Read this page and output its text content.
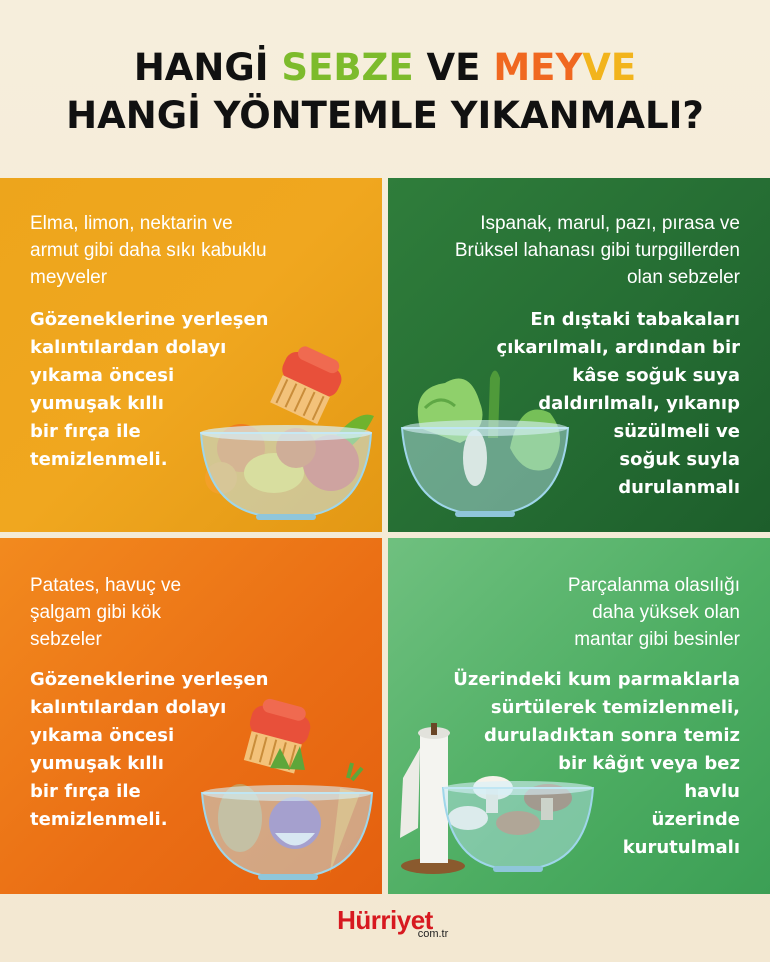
HANGİ SEBZE VE MEYVE
HANGİ YÖNTEMLE YIKANMALI?
Elma, limon, nektarin ve
armut gibi daha sıkı kabuklu
meyveler
Gözeneklerine yerleşen
kalıntılardan dolayı
yıkama öncesi
yumuşak kıllı
bir fırça ile
temizlenmeli.
Ispanak, marul, pazı, pırasa ve
Brüksel lahanası gibi turpgillerden
olan sebzeler
En dıştaki tabakaları
çıkarılmalı, ardından bir
kâse soğuk suya
daldırılmalı, yıkanıp
süzülmeli ve
soğuk suyla
durulanmalı
Patates, havuç ve
şalgam gibi kök
sebzeler
Gözeneklerine yerleşen
kalıntılardan dolayı
yıkama öncesi
yumuşak kıllı
bir fırça ile
temizlenmeli.
Parçalanma olasılığı
daha yüksek olan
mantar gibi besinler
Üzerindeki kum parmaklarla
sürtülerek temizlenmeli,
duruladıktan sonra temiz
bir kâğıt veya bez
havlu
üzerinde
kurutulmalı
Hürriyet
com.tr
